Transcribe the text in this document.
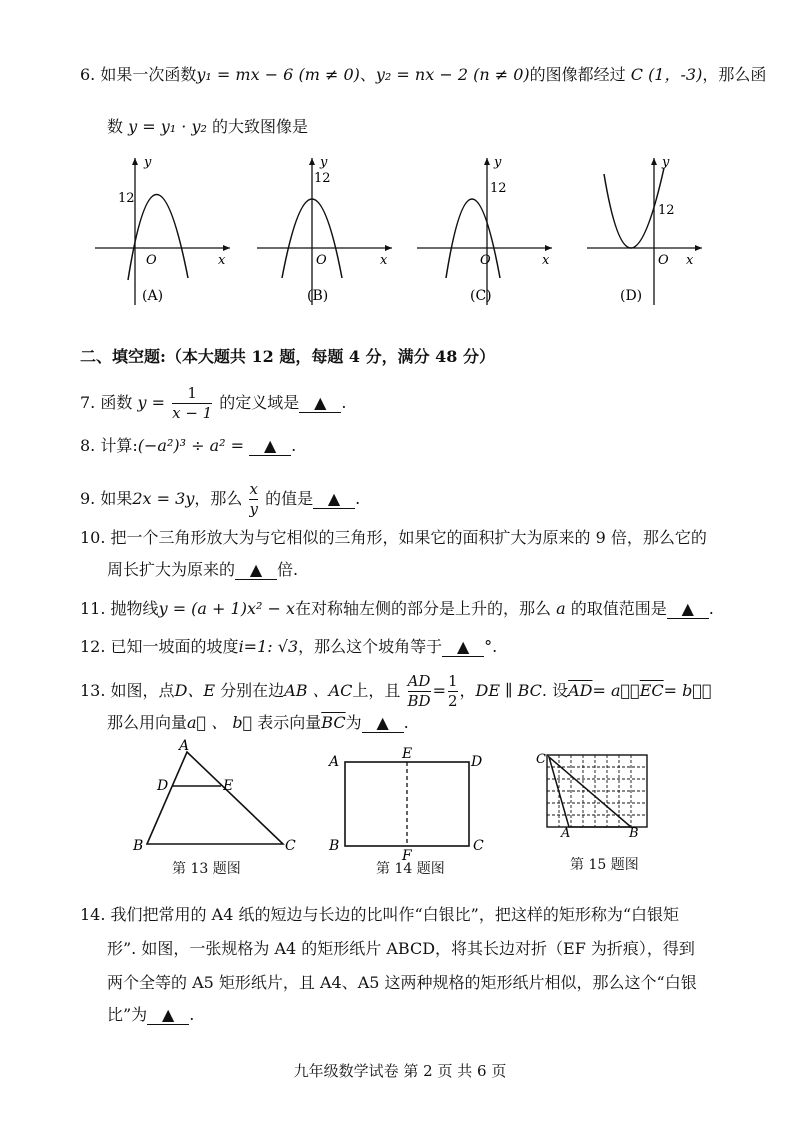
6. 如果一次函数y₁ = mx − 6 (m ≠ 0)、y₂ = nx − 2 (n ≠ 0)的图像都经过 C (1，-3)，那么函
数 y = y₁ · y₂ 的大致图像是
12
O	x
y
(A)
12
O	x
y
(B)
12
O	x
y
(C)
12
O x
y
(D)
二、填空题:（本大题共 12 题，每题 4 分，满分 48 分）
7. 函数 $y = \frac{1}{x - 1}$ 的定义域是 ▲ .
8. 计算:(−a²)³ ÷ a² = ▲ .
9. 如果2x = 3y，那么 $\frac{x}{y}$ 的值是 ▲ .
10. 把一个三角形放大为与它相似的三角形，如果它的面积扩大为原来的 9 倍，那么它的
周长扩大为原来的 ▲ 倍.
11. 抛物线y = (a + 1)x² − x在对称轴左侧的部分是上升的，那么 a 的取值范围是 ▲ .
12. 已知一坡面的坡度i=1: √3，那么这个坡角等于 ▲ °.
13. 如图，点D、E 分别在边AB 、AC上，且 $\frac{AD}{BD} = \frac{1}{2}$ ，DE ∥ BC. 设$\overline{AD}=$ a⃗，$\overline{EC}=$ b⃗，
那么用向量a⃗ 、 b⃗ 表示向量$\overline{BC}$为 ▲ .
A
D	E
B	C
第 13 题图
A	E	D
B	C
F
第 14 题图
C
A	B
第 15 题图
14. 我们把常用的 A4 纸的短边与长边的比叫作“白银比”，把这样的矩形称为“白银矩
形”. 如图，一张规格为 A4 的矩形纸片 ABCD，将其长边对折（EF 为折痕），得到
两个全等的 A5 矩形纸片，且 A4、A5 这两种规格的矩形纸片相似，那么这个“白银
比”为 ▲ .
九年级数学试卷 第 2 页 共 6 页
